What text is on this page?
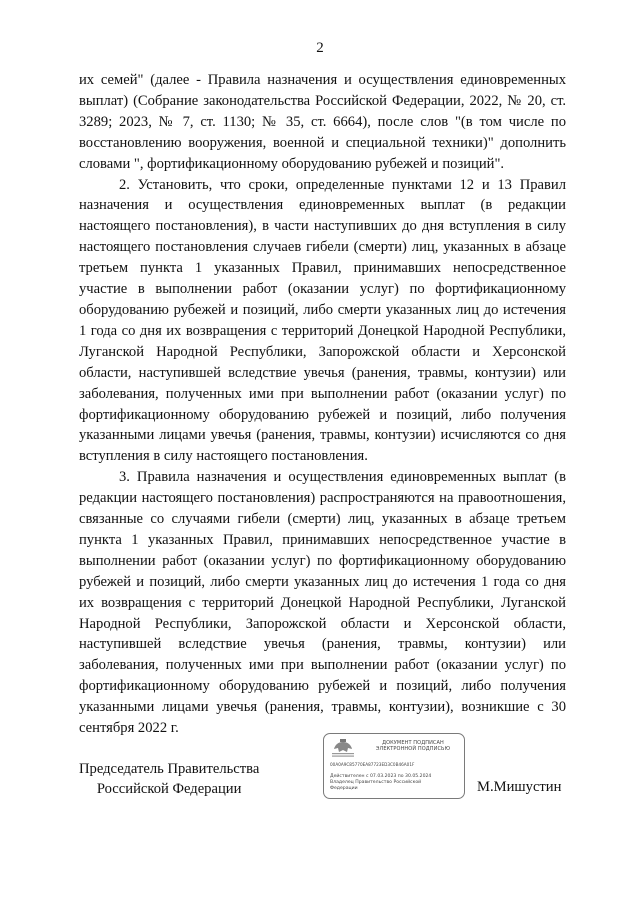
2

их семей" (далее - Правила назначения и осуществления единовременных выплат) (Собрание законодательства Российской Федерации, 2022, № 20, ст. 3289; 2023, № 7, ст. 1130; № 35, ст. 6664), после слов "(в том числе по восстановлению вооружения, военной и специальной техники)" дополнить словами ", фортификационному оборудованию рубежей и позиций".

2. Установить, что сроки, определенные пунктами 12 и 13 Правил назначения и осуществления единовременных выплат (в редакции настоящего постановления), в части наступивших до дня вступления в силу настоящего постановления случаев гибели (смерти) лиц, указанных в абзаце третьем пункта 1 указанных Правил, принимавших непосредственное участие в выполнении работ (оказании услуг) по фортификационному оборудованию рубежей и позиций, либо смерти указанных лиц до истечения 1 года со дня их возвращения с территорий Донецкой Народной Республики, Луганской Народной Республики, Запорожской области и Херсонской области, наступившей вследствие увечья (ранения, травмы, контузии) или заболевания, полученных ими при выполнении работ (оказании услуг) по фортификационному оборудованию рубежей и позиций, либо получения указанными лицами увечья (ранения, травмы, контузии) исчисляются со дня вступления в силу настоящего постановления.

3. Правила назначения и осуществления единовременных выплат (в редакции настоящего постановления) распространяются на правоотношения, связанные со случаями гибели (смерти) лиц, указанных в абзаце третьем пункта 1 указанных Правил, принимавших непосредственное участие в выполнении работ (оказании услуг) по фортификационному оборудованию рубежей и позиций, либо смерти указанных лиц до истечения 1 года со дня их возвращения с территорий Донецкой Народной Республики, Луганской Народной Республики, Запорожской области и Херсонской области, наступившей вследствие увечья (ранения, травмы, контузии) или заболевания, полученных ими при выполнении работ (оказании услуг) по фортификационному оборудованию рубежей и позиций, либо получения указанными лицами увечья (ранения, травмы, контузии), возникшие с 30 сентября 2022 г.

Председатель Правительства
Российской Федерации
ДОКУМЕНТ ПОДПИСАН
ЭЛЕКТРОННОЙ ПОДПИСЬЮ
00A0A9C85770EA87723ED3C0B46A01F
Действителен с 07.03.2023 по 30.05.2024
Владелец Правительство Российской
Федерации	М.Мишустин
